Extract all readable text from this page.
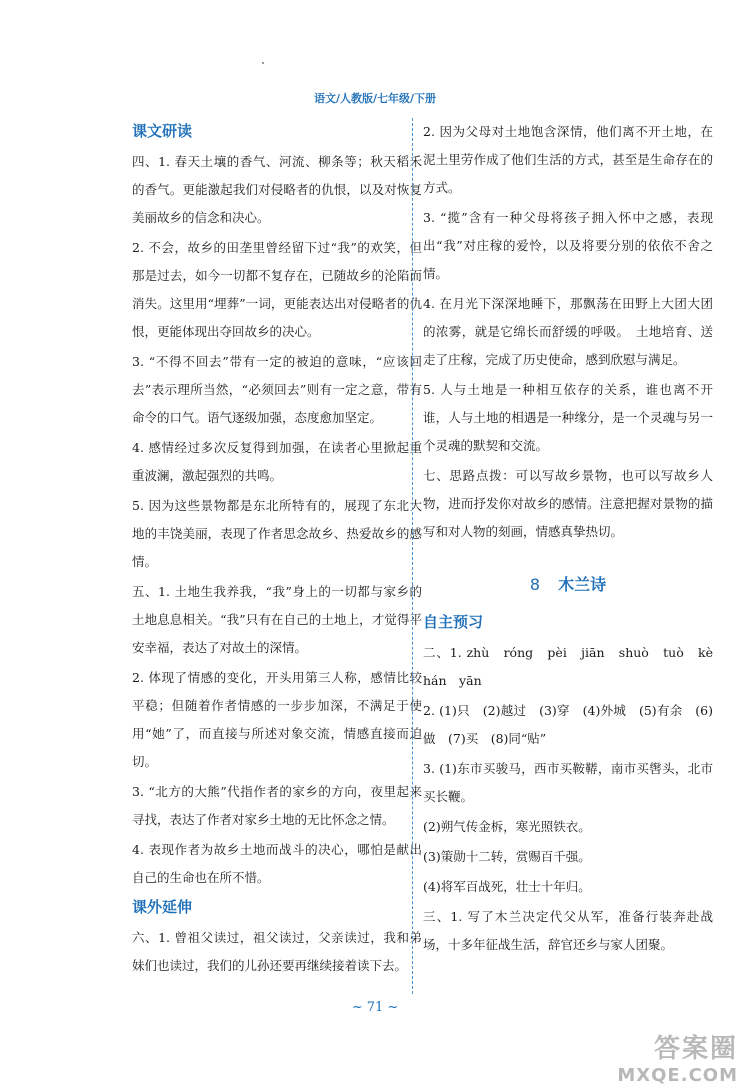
语文/人教版/七年级/下册
课文研读
四、1. 春天土壤的香气、河流、柳条等；秋天稻禾的香气。更能激起我们对侵略者的仇恨，以及对恢复美丽故乡的信念和决心。
2. 不会，故乡的田垄里曾经留下过“我”的欢笑，但那是过去，如今一切都不复存在，已随故乡的沦陷而消失。这里用“埋葬”一词，更能表达出对侵略者的仇恨，更能体现出夺回故乡的决心。
3. “不得不回去”带有一定的被迫的意味，“应该回去”表示理所当然，“必须回去”则有一定之意，带有命令的口气。语气逐级加强，态度愈加坚定。
4. 感情经过多次反复得到加强，在读者心里掀起重重波澜，激起强烈的共鸣。
5. 因为这些景物都是东北所特有的，展现了东北大地的丰饶美丽，表现了作者思念故乡、热爱故乡的感情。
五、1. 土地生我养我，“我”身上的一切都与家乡的土地息息相关。“我”只有在自己的土地上，才觉得平安幸福，表达了对故土的深情。
2. 体现了情感的变化，开头用第三人称，感情比较平稳；但随着作者情感的一步步加深，不满足于使用“她”了，而直接与所述对象交流，情感直接而迫切。
3. “北方的大熊”代指作者的家乡的方向，夜里起来寻找，表达了作者对家乡土地的无比怀念之情。
4. 表现作者为故乡土地而战斗的决心，哪怕是献出自己的生命也在所不惜。
课外延伸
六、1. 曾祖父读过，祖父读过，父亲读过，我和弟妹们也读过，我们的儿孙还要再继续接着读下去。
2. 因为父母对土地饱含深情，他们离不开土地，在泥土里劳作成了他们生活的方式，甚至是生命存在的方式。
3. “揽”含有一种父母将孩子拥入怀中之感，表现出“我”对庄稼的爱怜，以及将要分别的依依不舍之情。
4. 在月光下深深地睡下，那飘荡在田野上大团大团的浓雾，就是它绵长而舒缓的呼吸。　土地培育、送走了庄稼，完成了历史使命，感到欣慰与满足。
5. 人与土地是一种相互依存的关系，谁也离不开谁，人与土地的相遇是一种缘分，是一个灵魂与另一个灵魂的默契和交流。
七、思路点拨：可以写故乡景物，也可以写故乡人物，进而抒发你对故乡的感情。注意把握对景物的描写和对人物的刻画，情感真挚热切。
8 木兰诗
自主预习
二、1. zhù　róng　pèi　jiān　shuò　tuò　kè　hán　yān
2. (1)只　(2)越过　(3)穿　(4)外城　(5)有余　(6)做　(7)买　(8)同“贴”
3. (1)东市买骏马，西市买鞍鞯，南市买辔头，北市买长鞭。
(2)朔气传金柝，寒光照铁衣。
(3)策勋十二转，赏赐百千强。
(4)将军百战死，壮士十年归。
三、1. 写了木兰决定代父从军，准备行装奔赴战场，十多年征战生活，辞官还乡与家人团聚。
~ 71 ~
答案圈
MXQE.COM
